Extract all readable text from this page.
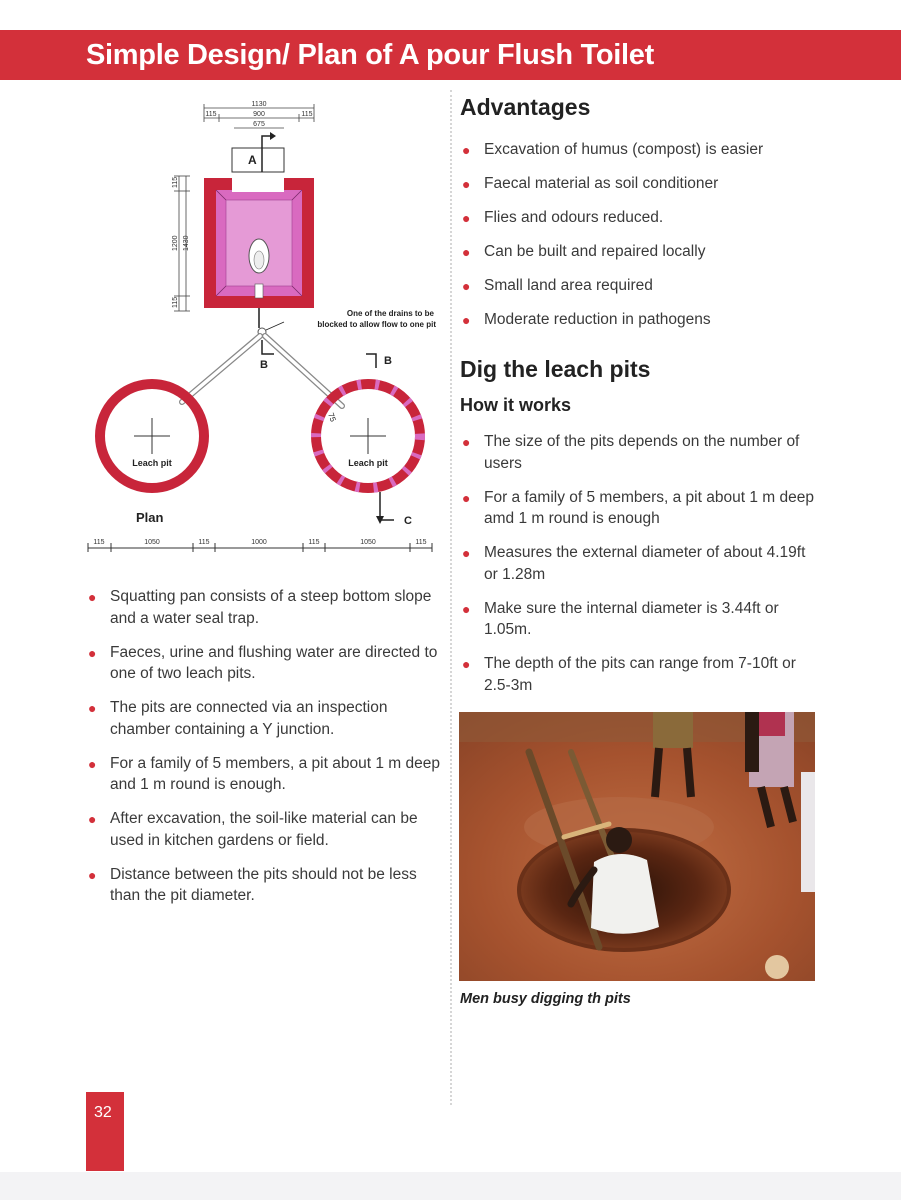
Simple Design/ Plan of A pour Flush Toilet
1130
115	900	115
675
A
115
1200 1430
115
One of the drains to be
blocked to allow flow to one pit
B	B
Leach pit	Leach pit
75
C
Plan
115	1050	115	1000	115	1050	115
● Squatting pan consists of a steep bottom slope and a water seal trap.
● Faeces, urine and flushing water are directed to one of two leach pits.
● The pits are connected via an inspection chamber containing a Y junction.
● For a family of 5 members, a pit about 1 m deep and 1 m round is enough.
● After excavation, the soil-like material can be used in kitchen gardens or field.
● Distance between the pits should not be less than the pit diameter.
Advantages
● Excavation of humus (compost) is easier
● Faecal material as soil conditioner
● Flies and odours reduced.
● Can be built and repaired locally
● Small land area required
● Moderate reduction in pathogens
Dig the leach pits
How it works
● The size of the pits depends on the number of users
● For a family of 5 members, a pit about 1 m deep amd 1 m round is enough
● Measures the external diameter of about 4.19ft or 1.28m
● Make sure the internal diameter is 3.44ft or 1.05m.
● The depth of the pits can range from 7-10ft or 2.5-3m
Men busy digging th pits
32
